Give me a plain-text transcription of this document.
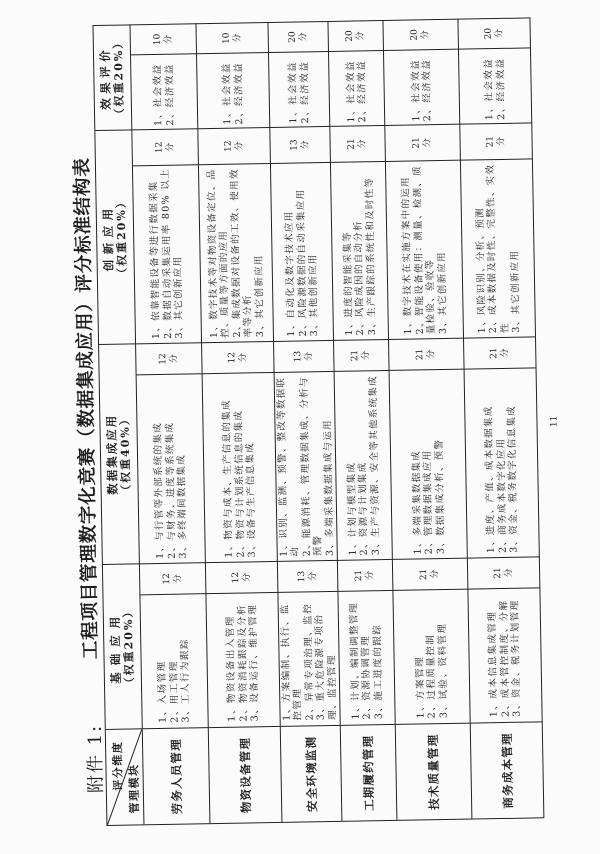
附件 1:
工程项目管理数字化竞赛（数据集成应用）评分标准结构表
评分维度 管理模块
基础应用
（权重20%）
数据集成应用
（权重40%）
创新应用
（权重20%）
效果评价
（权重20%）
劳务人员管理
1、入场管理 2、用工管理 3、工人行为跟踪
12 分
1、与行管等外部系统的集成
2、与财务、进度等系统集成
3、多终端间数据集成
12 分
1、依靠智能设备等进行数据采集
2、数据自动采集运用率 80% 以上 3、其它创新应用
12 分
1、社会效益 2、经济效益
10 分
物资设备管理
1、物资设备出入管理
2、物资消耗跟踪及分析
3、设备运行、维护管理
12 分
1、物资与成本、生产信息的集成
2、物资与计划系统信息的集成
3、设备与生产信息集成
12 分
1、数字技术等对物资设备定位、品控、质量等方面的应用
2、集成数据对设备的工效、使用效率等分析 3、其它创新应用
12 分
1、社会效益 2、经济效益
10 分
安全环境监测
1、方案编制、执行、监控管理
2、异常专项治理、监控
3、重大危险源专项治理、监控管理
13 分
1、识别、监测、预警、整改等数据联动
2、能源消耗、管理数据集成、分析与预警
3、多端采集数据集成与运用
13 分
1、自动化及数字技术应用
2、风险源数据的自动采集应用 3、其他创新应用
13 分
1、社会效益 2、经济效益
20 分
工期履约管理
1、计划、编制调整管理 2、资源协调管理
3、施工进度的跟踪
21 分
1、计划与模型集成
2、资源与计划集成
3、生产与资源、安全等其他系统集成
21 分
1、进度的智能采集等
2、风险成因的自动分析
3、生产跟踪的系统性和及时性等
21 分
1、社会效益 2、经济效益
20 分
技术质量管理
1、方案管理 2、过程质量控制
3、试验、资料管理
21 分
1、多端采集数据集成
2、管理数据集成应用
3、数据集成分析、预警
21 分
1、数字技术在实施方案中的运用
2、智能设备使用：测量、检测、质量检验、验收等 3、其它创新应用
21 分
1、社会效益 2、经济效益
20 分
商务成本管理
1、成本信息集成管理
2、成本管控制度、分解
3、资金、税务计划管理
21 分
1、进度、产值、成本数据集成
2、商务成本数字化应用
3、资金、税务数字化信息集成
21 分
1、风险识别、分析、预测
2、成本数据及时性、完整性、实效性 3、其它创新应用
21 分
1、社会效益 2、经济效益
20 分
11
